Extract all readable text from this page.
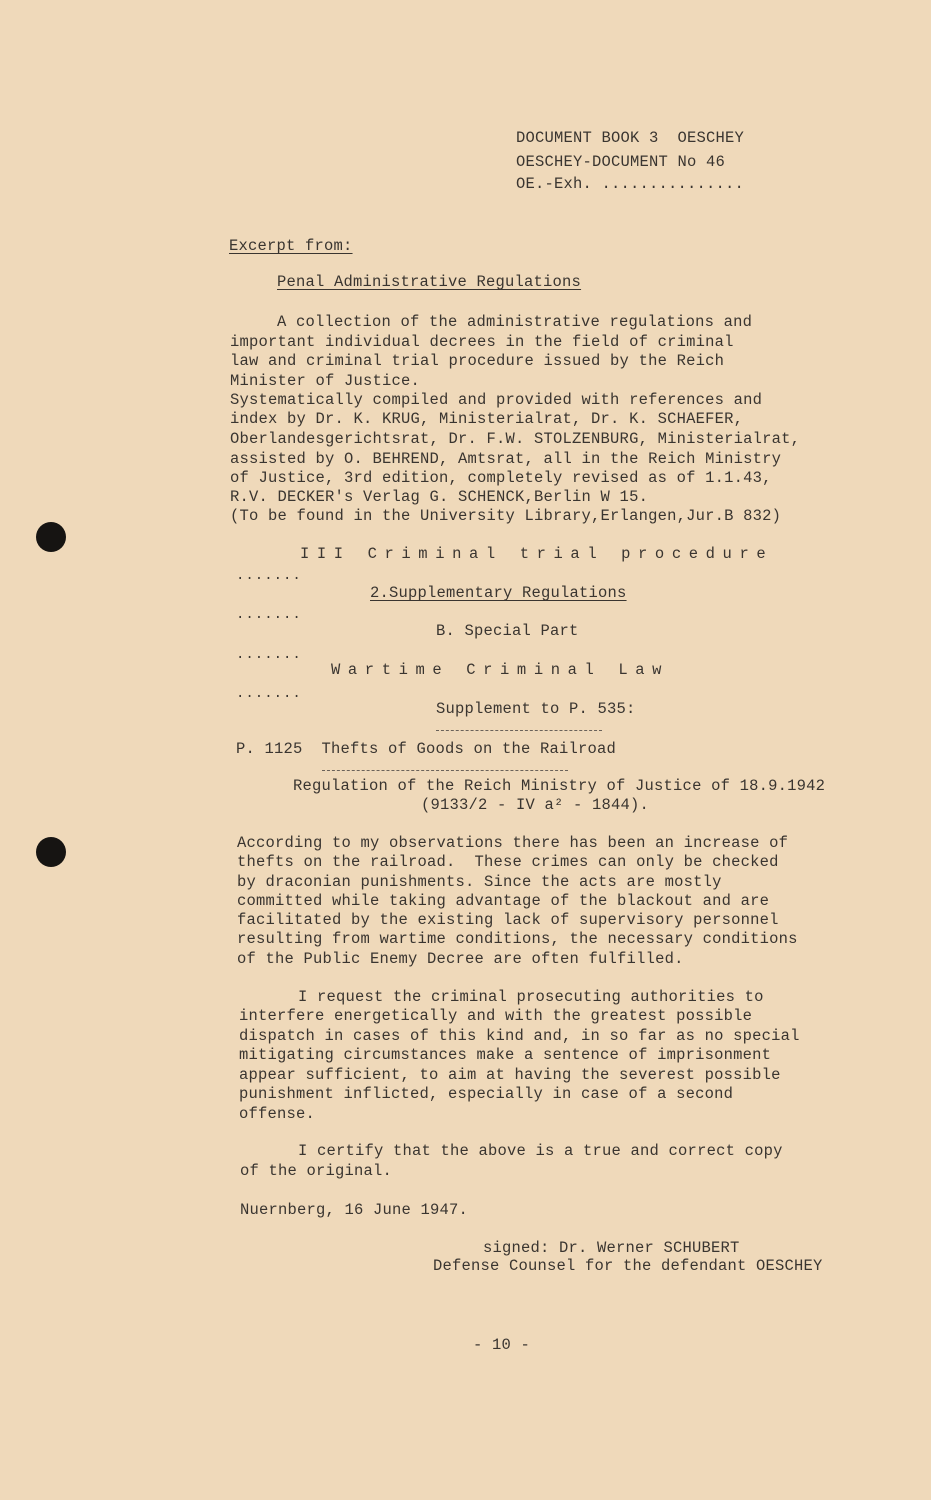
DOCUMENT BOOK 3  OESCHEY
OESCHEY-DOCUMENT No 46
OE.-Exh. ...............
Excerpt from:
Penal Administrative Regulations
A collection of the administrative regulations and
important individual decrees in the field of criminal
law and criminal trial procedure issued by the Reich
Minister of Justice.
Systematically compiled and provided with references and
index by Dr. K. KRUG, Ministerialrat, Dr. K. SCHAEFER,
Oberlandesgerichtsrat, Dr. F.W. STOLZENBURG, Ministerialrat,
assisted by O. BEHREND, Amtsrat, all in the Reich Ministry
of Justice, 3rd edition, completely revised as of 1.1.43,
R.V. DECKER's Verlag G. SCHENCK,Berlin W 15.
(To be found in the University Library,Erlangen,Jur.B 832)
III Criminal trial procedure
.......
2.Supplementary Regulations
.......
B. Special Part
.......
Wartime Criminal Law
.......
Supplement to P. 535:
P. 1125  Thefts of Goods on the Railroad
Regulation of the Reich Ministry of Justice of 18.9.1942
(9133/2 - IV a² - 1844).
According to my observations there has been an increase of
thefts on the railroad.  These crimes can only be checked
by draconian punishments. Since the acts are mostly
committed while taking advantage of the blackout and are
facilitated by the existing lack of supervisory personnel
resulting from wartime conditions, the necessary conditions
of the Public Enemy Decree are often fulfilled.
I request the criminal prosecuting authorities to
interfere energetically and with the greatest possible
dispatch in cases of this kind and, in so far as no special
mitigating circumstances make a sentence of imprisonment
appear sufficient, to aim at having the severest possible
punishment inflicted, especially in case of a second
offense.
I certify that the above is a true and correct copy
of the original.
Nuernberg, 16 June 1947.
signed: Dr. Werner SCHUBERT
Defense Counsel for the defendant OESCHEY
- 10 -
